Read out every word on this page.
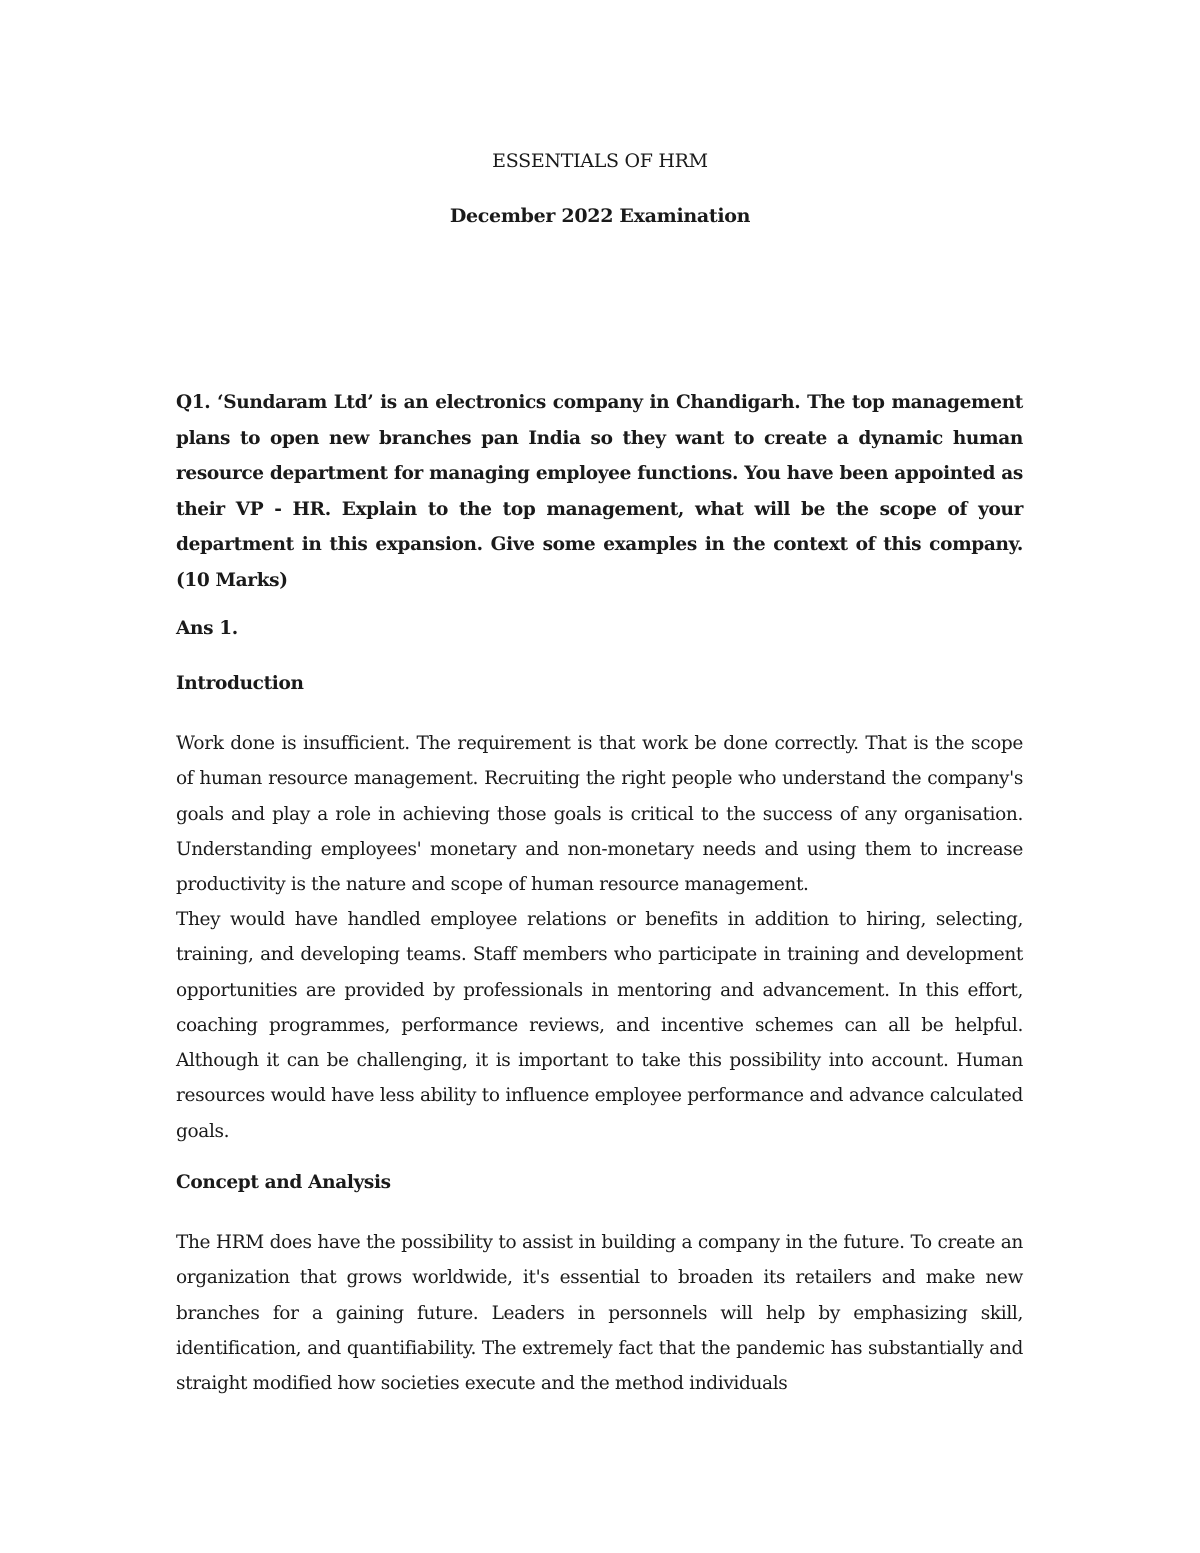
ESSENTIALS OF HRM
December 2022 Examination
Q1. ‘Sundaram Ltd’ is an electronics company in Chandigarh. The top management plans to open new branches pan India so they want to create a dynamic human resource department for managing employee functions. You have been appointed as their VP - HR. Explain to the top management, what will be the scope of your department in this expansion. Give some examples in the context of this company. (10 Marks)
Ans 1.
Introduction
Work done is insufficient. The requirement is that work be done correctly. That is the scope of human resource management. Recruiting the right people who understand the company's goals and play a role in achieving those goals is critical to the success of any organisation. Understanding employees' monetary and non-monetary needs and using them to increase productivity is the nature and scope of human resource management.
They would have handled employee relations or benefits in addition to hiring, selecting, training, and developing teams. Staff members who participate in training and development opportunities are provided by professionals in mentoring and advancement. In this effort, coaching programmes, performance reviews, and incentive schemes can all be helpful. Although it can be challenging, it is important to take this possibility into account. Human resources would have less ability to influence employee performance and advance calculated goals.
Concept and Analysis
The HRM does have the possibility to assist in building a company in the future. To create an organization that grows worldwide, it's essential to broaden its retailers and make new branches for a gaining future. Leaders in personnels will help by emphasizing skill, identification, and quantifiability. The extremely fact that the pandemic has substantially and straight modified how societies execute and the method individuals
